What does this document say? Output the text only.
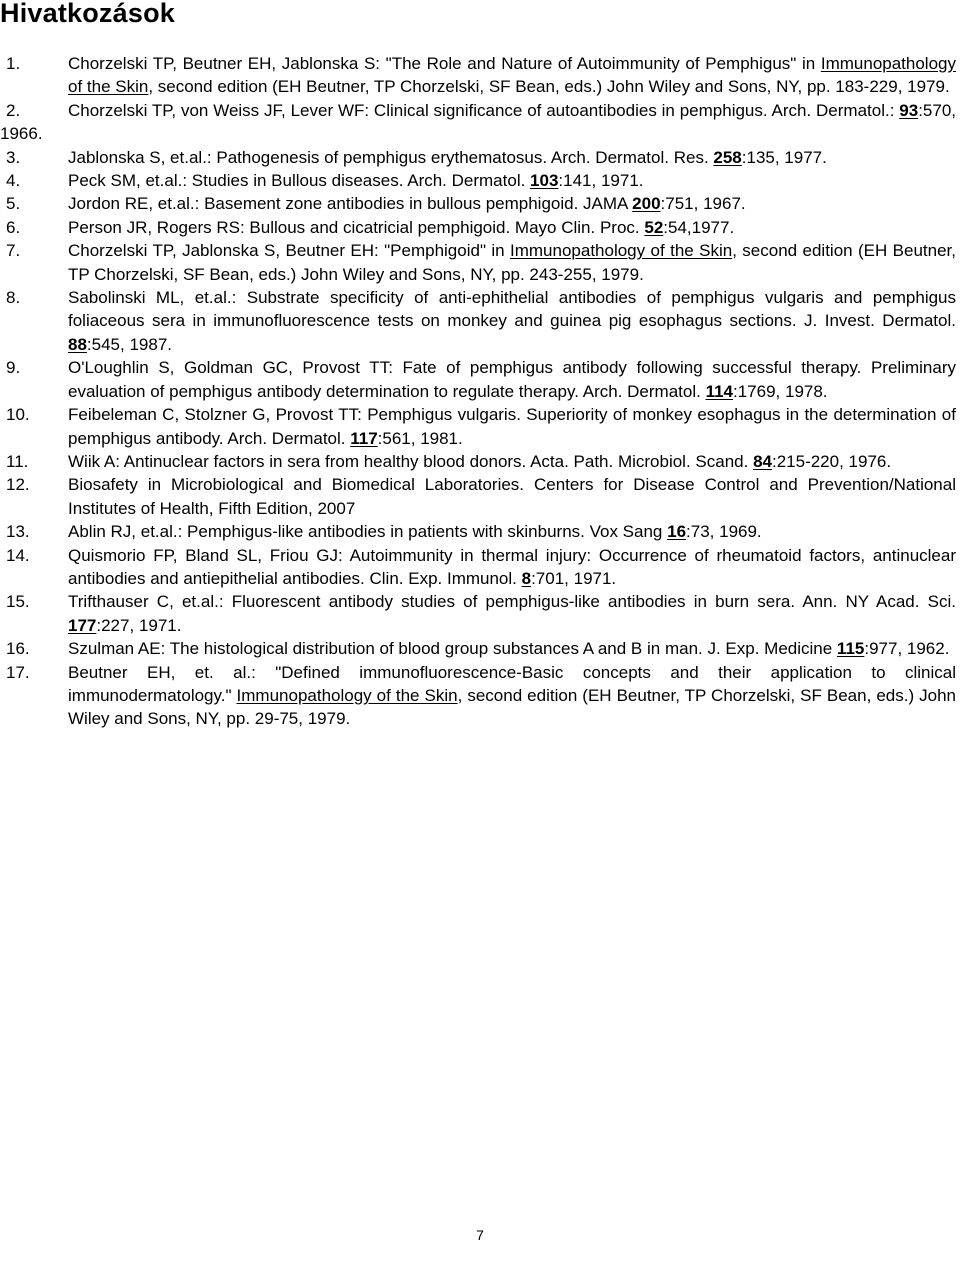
Hivatkozások
1.	Chorzelski TP, Beutner EH, Jablonska S: "The Role and Nature of Autoimmunity of Pemphigus" in Immunopathology of the Skin, second edition (EH Beutner, TP Chorzelski, SF Bean, eds.) John Wiley and Sons, NY, pp. 183-229, 1979.
2.	Chorzelski TP, von Weiss JF, Lever WF: Clinical significance of autoantibodies in pemphigus. Arch. Dermatol.: 93:570, 1966.
3.	Jablonska S, et.al.: Pathogenesis of pemphigus erythematosus. Arch. Dermatol. Res. 258:135, 1977.
4.	Peck SM, et.al.: Studies in Bullous diseases. Arch. Dermatol. 103:141, 1971.
5.	Jordon RE, et.al.: Basement zone antibodies in bullous pemphigoid. JAMA 200:751, 1967.
6.	Person JR, Rogers RS: Bullous and cicatricial pemphigoid. Mayo Clin. Proc. 52:54,1977.
7.	Chorzelski TP, Jablonska S, Beutner EH: "Pemphigoid" in Immunopathology of the Skin, second edition (EH Beutner, TP Chorzelski, SF Bean, eds.) John Wiley and Sons, NY, pp. 243-255, 1979.
8.	Sabolinski ML, et.al.: Substrate specificity of anti-ephithelial antibodies of pemphigus vulgaris and pemphigus foliaceous sera in immunofluorescence tests on monkey and guinea pig esophagus sections. J. Invest. Dermatol. 88:545, 1987.
9.	O'Loughlin S, Goldman GC, Provost TT: Fate of pemphigus antibody following successful therapy. Preliminary evaluation of pemphigus antibody determination to regulate therapy. Arch. Dermatol. 114:1769, 1978.
10. Feibeleman C, Stolzner G, Provost TT: Pemphigus vulgaris. Superiority of monkey esophagus in the determination of pemphigus antibody. Arch. Dermatol. 117:561, 1981.
11. Wiik A: Antinuclear factors in sera from healthy blood donors. Acta. Path. Microbiol. Scand. 84:215-220, 1976.
12. Biosafety in Microbiological and Biomedical Laboratories. Centers for Disease Control and Prevention/National Institutes of Health, Fifth Edition, 2007
13. Ablin RJ, et.al.: Pemphigus-like antibodies in patients with skinburns. Vox Sang 16:73, 1969.
14. Quismorio FP, Bland SL, Friou GJ: Autoimmunity in thermal injury: Occurrence of rheumatoid factors, antinuclear antibodies and antiepithelial antibodies. Clin. Exp. Immunol. 8:701, 1971.
15. Trifthauser C, et.al.: Fluorescent antibody studies of pemphigus-like antibodies in burn sera. Ann. NY Acad. Sci. 177:227, 1971.
16. Szulman AE: The histological distribution of blood group substances A and B in man. J. Exp. Medicine 115:977, 1962.
17. Beutner EH, et. al.: "Defined immunofluorescence-Basic concepts and their application to clinical immunodermatology." Immunopathology of the Skin, second edition (EH Beutner, TP Chorzelski, SF Bean, eds.) John Wiley and Sons, NY, pp. 29-75, 1979.
7
